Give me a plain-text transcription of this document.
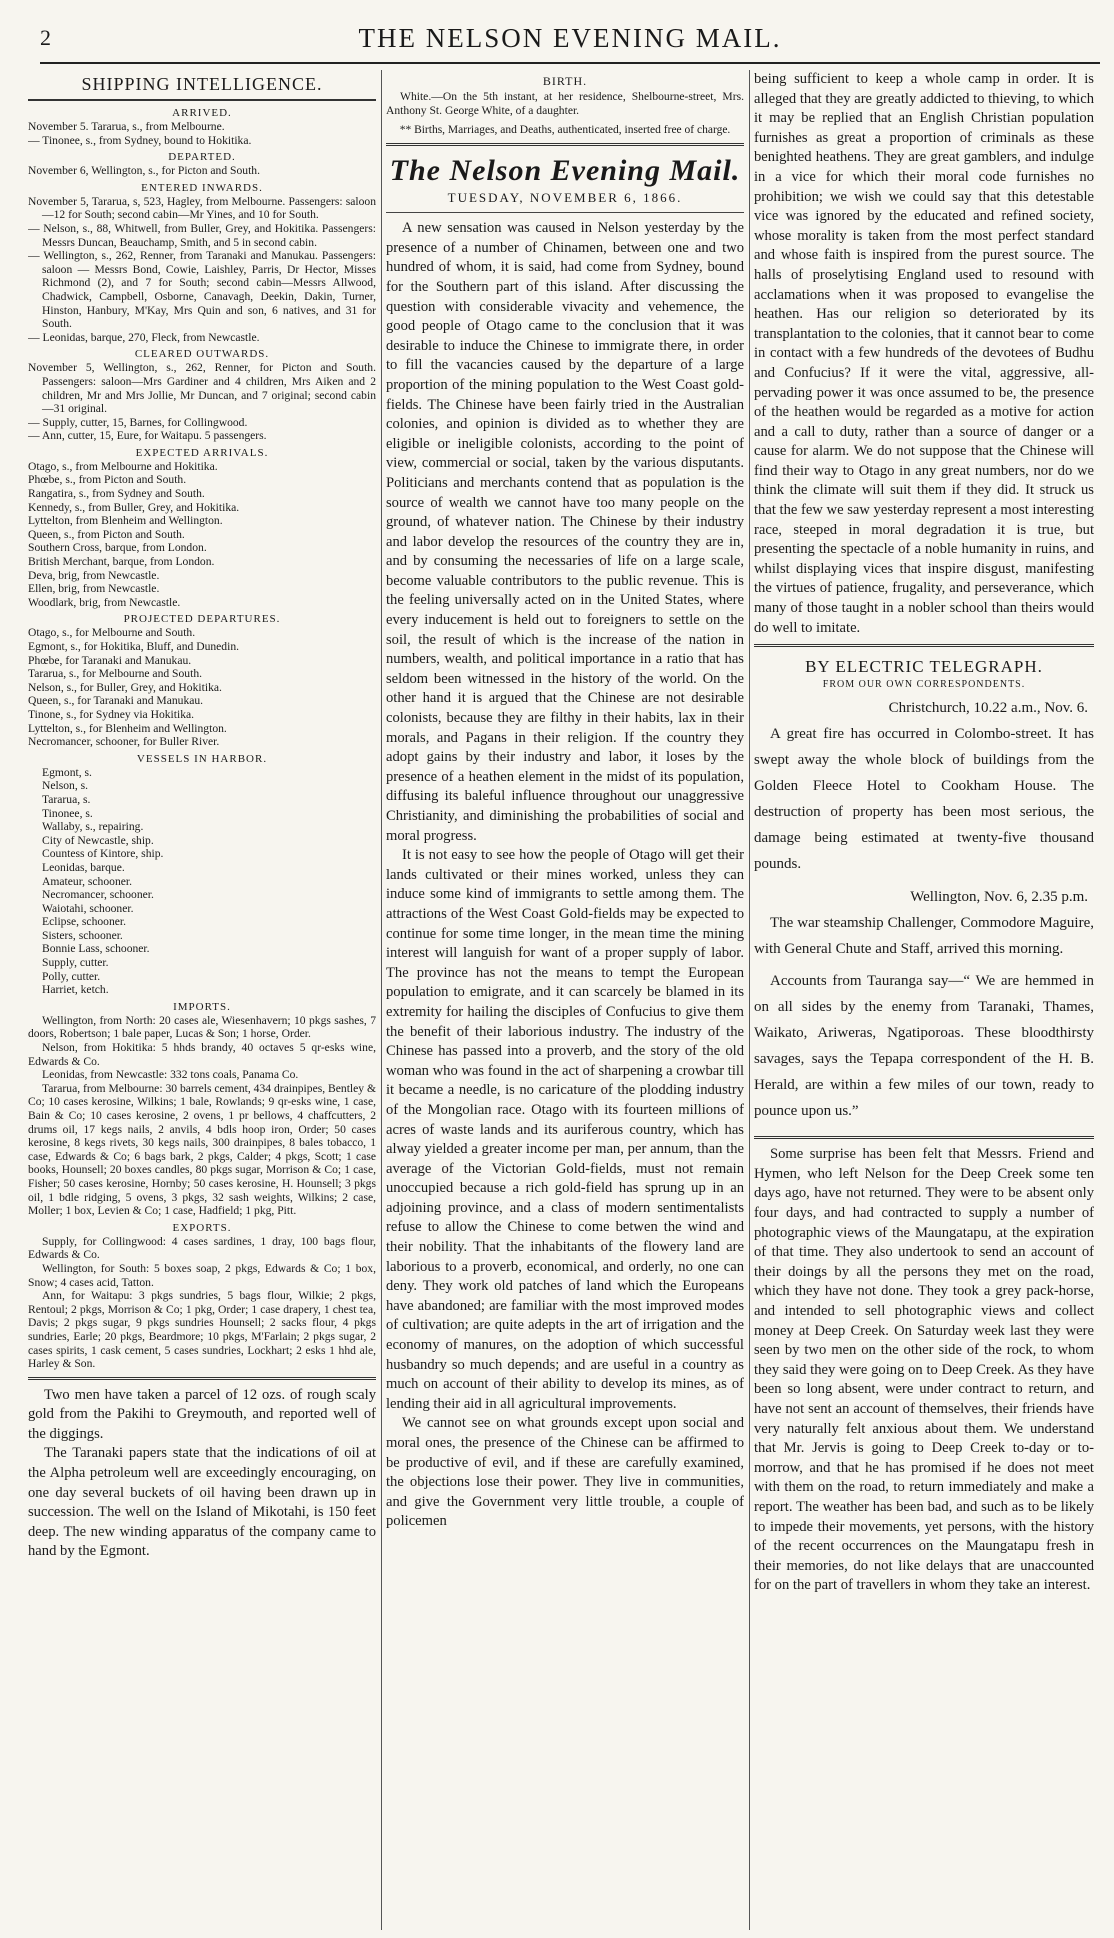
2	THE NELSON EVENING MAIL.
SHIPPING INTELLIGENCE.
ARRIVED.

November 5. Tararua, s., from Melbourne.

— Tinonee, s., from Sydney, bound to Hokitika.

DEPARTED.

November 6, Wellington, s., for Picton and South.

ENTERED INWARDS.

November 5, Tararua, s, 523, Hagley, from Melbourne. Passengers: saloon—12 for South; second cabin—Mr Yines, and 10 for South.

— Nelson, s., 88, Whitwell, from Buller, Grey, and Hokitika. Passengers: Messrs Duncan, Beauchamp, Smith, and 5 in second cabin.

— Wellington, s., 262, Renner, from Taranaki and Manukau. Passengers: saloon — Messrs Bond, Cowie, Laishley, Parris, Dr Hector, Misses Richmond (2), and 7 for South; second cabin—Messrs Allwood, Chadwick, Campbell, Osborne, Canavagh, Deekin, Dakin, Turner, Hinston, Hanbury, M'Kay, Mrs Quin and son, 6 natives, and 31 for South.

— Leonidas, barque, 270, Fleck, from Newcastle.

CLEARED OUTWARDS.

November 5, Wellington, s., 262, Renner, for Picton and South. Passengers: saloon—Mrs Gardiner and 4 children, Mrs Aiken and 2 children, Mr and Mrs Jollie, Mr Duncan, and 7 original; second cabin—31 original.

— Supply, cutter, 15, Barnes, for Collingwood.

— Ann, cutter, 15, Eure, for Waitapu. 5 passengers.

EXPECTED ARRIVALS.

Otago, s., from Melbourne and Hokitika.

Phœbe, s., from Picton and South.

Rangatira, s., from Sydney and South.

Kennedy, s., from Buller, Grey, and Hokitika.

Lyttelton, from Blenheim and Wellington.

Queen, s., from Picton and South.

Southern Cross, barque, from London.

British Merchant, barque, from London.

Deva, brig, from Newcastle.

Ellen, brig, from Newcastle.

Woodlark, brig, from Newcastle.

PROJECTED DEPARTURES.

Otago, s., for Melbourne and South.

Egmont, s., for Hokitika, Bluff, and Dunedin.

Phœbe, for Taranaki and Manukau.

Tararua, s., for Melbourne and South.

Nelson, s., for Buller, Grey, and Hokitika.

Queen, s., for Taranaki and Manukau.

Tinone, s., for Sydney via Hokitika.

Lyttelton, s., for Blenheim and Wellington.

Necromancer, schooner, for Buller River.

VESSELS IN HARBOR.

Egmont, s.

Nelson, s.

Tararua, s.

Tinonee, s.

Wallaby, s., repairing.

City of Newcastle, ship.

Countess of Kintore, ship.

Leonidas, barque.

Amateur, schooner.

Necromancer, schooner.

Waiotahi, schooner.

Eclipse, schooner.

Sisters, schooner.

Bonnie Lass, schooner.

Supply, cutter.

Polly, cutter.

Harriet, ketch.

IMPORTS.

Wellington, from North: 20 cases ale, Wiesenhavern; 10 pkgs sashes, 7 doors, Robertson; 1 bale paper, Lucas & Son; 1 horse, Order.

Nelson, from Hokitika: 5 hhds brandy, 40 octaves 5 qr-esks wine, Edwards & Co.

Leonidas, from Newcastle: 332 tons coals, Panama Co.

Tararua, from Melbourne: 30 barrels cement, 434 drainpipes, Bentley & Co; 10 cases kerosine, Wilkins; 1 bale, Rowlands; 9 qr-esks wine, 1 case, Bain & Co; 10 cases kerosine, 2 ovens, 1 pr bellows, 4 chaffcutters, 2 drums oil, 17 kegs nails, 2 anvils, 4 bdls hoop iron, Order; 50 cases kerosine, 8 kegs rivets, 30 kegs nails, 300 drainpipes, 8 bales tobacco, 1 case, Edwards & Co; 6 bags bark, 2 pkgs, Calder; 4 pkgs, Scott; 1 case books, Hounsell; 20 boxes candles, 80 pkgs sugar, Morrison & Co; 1 case, Fisher; 50 cases kerosine, Hornby; 50 cases kerosine, H. Hounsell; 3 pkgs oil, 1 bdle ridging, 5 ovens, 3 pkgs, 32 sash weights, Wilkins; 2 case, Moller; 1 box, Levien & Co; 1 case, Hadfield; 1 pkg, Pitt.

EXPORTS.

Supply, for Collingwood: 4 cases sardines, 1 dray, 100 bags flour, Edwards & Co.

Wellington, for South: 5 boxes soap, 2 pkgs, Edwards & Co; 1 box, Snow; 4 cases acid, Tatton.

Ann, for Waitapu: 3 pkgs sundries, 5 bags flour, Wilkie; 2 pkgs, Rentoul; 2 pkgs, Morrison & Co; 1 pkg, Order; 1 case drapery, 1 chest tea, Davis; 2 pkgs sugar, 9 pkgs sundries Hounsell; 2 sacks flour, 4 pkgs sundries, Earle; 20 pkgs, Beardmore; 10 pkgs, M'Farlain; 2 pkgs sugar, 2 cases spirits, 1 cask cement, 5 cases sundries, Lockhart; 2 esks 1 hhd ale, Harley & Son.

Two men have taken a parcel of 12 ozs. of rough scaly gold from the Pakihi to Greymouth, and reported well of the diggings.

The Taranaki papers state that the indications of oil at the Alpha petroleum well are exceedingly encouraging, on one day several buckets of oil having been drawn up in succession. The well on the Island of Mikotahi, is 150 feet deep. The new winding apparatus of the company came to hand by the Egmont.

BIRTH.

White.—On the 5th instant, at her residence, Shelbourne-street, Mrs. Anthony St. George White, of a daughter.

** Births, Marriages, and Deaths, authenticated, inserted free of charge.
The Nelson Evening Mail.
TUESDAY, NOVEMBER 6, 1866.

A new sensation was caused in Nelson yesterday by the presence of a number of Chinamen, between one and two hundred of whom, it is said, had come from Sydney, bound for the Southern part of this island. After discussing the question with considerable vivacity and vehemence, the good people of Otago came to the conclusion that it was desirable to induce the Chinese to immigrate there, in order to fill the vacancies caused by the departure of a large proportion of the mining population to the West Coast gold-fields. The Chinese have been fairly tried in the Australian colonies, and opinion is divided as to whether they are eligible or ineligible colonists, according to the point of view, commercial or social, taken by the various disputants. Politicians and merchants contend that as population is the source of wealth we cannot have too many people on the ground, of whatever nation. The Chinese by their industry and labor develop the resources of the country they are in, and by consuming the necessaries of life on a large scale, become valuable contributors to the public revenue. This is the feeling universally acted on in the United States, where every inducement is held out to foreigners to settle on the soil, the result of which is the increase of the nation in numbers, wealth, and political importance in a ratio that has seldom been witnessed in the history of the world. On the other hand it is argued that the Chinese are not desirable colonists, because they are filthy in their habits, lax in their morals, and Pagans in their religion. If the country they adopt gains by their industry and labor, it loses by the presence of a heathen element in the midst of its population, diffusing its baleful influence throughout our unaggressive Christianity, and diminishing the probabilities of social and moral progress.

It is not easy to see how the people of Otago will get their lands cultivated or their mines worked, unless they can induce some kind of immigrants to settle among them. The attractions of the West Coast Gold-fields may be expected to continue for some time longer, in the mean time the mining interest will languish for want of a proper supply of labor. The province has not the means to tempt the European population to emigrate, and it can scarcely be blamed in its extremity for hailing the disciples of Confucius to give them the benefit of their laborious industry. The industry of the Chinese has passed into a proverb, and the story of the old woman who was found in the act of sharpening a crowbar till it became a needle, is no caricature of the plodding industry of the Mongolian race. Otago with its fourteen millions of acres of waste lands and its auriferous country, which has alway yielded a greater income per man, per annum, than the average of the Victorian Gold-fields, must not remain unoccupied because a rich gold-field has sprung up in an adjoining province, and a class of modern sentimentalists refuse to allow the Chinese to come betwen the wind and their nobility. That the inhabitants of the flowery land are laborious to a proverb, economical, and orderly, no one can deny. They work old patches of land which the Europeans have abandoned; are familiar with the most improved modes of cultivation; are quite adepts in the art of irrigation and the economy of manures, on the adoption of which successful husbandry so much depends; and are useful in a country as much on account of their ability to develop its mines, as of lending their aid in all agricultural improvements.

We cannot see on what grounds except upon social and moral ones, the presence of the Chinese can be affirmed to be productive of evil, and if these are carefully examined, the objections lose their power. They live in communities, and give the Government very little trouble, a couple of policemen

being sufficient to keep a whole camp in order. It is alleged that they are greatly addicted to thieving, to which it may be replied that an English Christian population furnishes as great a proportion of criminals as these benighted heathens. They are great gamblers, and indulge in a vice for which their moral code furnishes no prohibition; we wish we could say that this detestable vice was ignored by the educated and refined society, whose morality is taken from the most perfect standard and whose faith is inspired from the purest source. The halls of proselytising England used to resound with acclamations when it was proposed to evangelise the heathen. Has our religion so deteriorated by its transplantation to the colonies, that it cannot bear to come in contact with a few hundreds of the devotees of Budhu and Confucius? If it were the vital, aggressive, all-pervading power it was once assumed to be, the presence of the heathen would be regarded as a motive for action and a call to duty, rather than a source of danger or a cause for alarm. We do not suppose that the Chinese will find their way to Otago in any great numbers, nor do we think the climate will suit them if they did. It struck us that the few we saw yesterday represent a most interesting race, steeped in moral degradation it is true, but presenting the spectacle of a noble humanity in ruins, and whilst displaying vices that inspire disgust, manifesting the virtues of patience, frugality, and perseverance, which many of those taught in a nobler school than theirs would do well to imitate.

BY ELECTRIC TELEGRAPH.
FROM OUR OWN CORRESPONDENTS.
Christchurch, 10.22 a.m., Nov. 6.

A great fire has occurred in Colombo-street. It has swept away the whole block of buildings from the Golden Fleece Hotel to Cookham House. The destruction of property has been most serious, the damage being estimated at twenty-five thousand pounds.

Wellington, Nov. 6, 2.35 p.m.

The war steamship Challenger, Commodore Maguire, with General Chute and Staff, arrived this morning.

Accounts from Tauranga say—“ We are hemmed in on all sides by the enemy from Taranaki, Thames, Waikato, Ariweras, Ngatiporoas. These bloodthirsty savages, says the Tepapa correspondent of the H. B. Herald, are within a few miles of our town, ready to pounce upon us.”

Some surprise has been felt that Messrs. Friend and Hymen, who left Nelson for the Deep Creek some ten days ago, have not returned. They were to be absent only four days, and had contracted to supply a number of photographic views of the Maungatapu, at the expiration of that time. They also undertook to send an account of their doings by all the persons they met on the road, which they have not done. They took a grey pack-horse, and intended to sell photographic views and collect money at Deep Creek. On Saturday week last they were seen by two men on the other side of the rock, to whom they said they were going on to Deep Creek. As they have been so long absent, were under contract to return, and have not sent an account of themselves, their friends have very naturally felt anxious about them. We understand that Mr. Jervis is going to Deep Creek to-day or to-morrow, and that he has promised if he does not meet with them on the road, to return immediately and make a report. The weather has been bad, and such as to be likely to impede their movements, yet persons, with the history of the recent occurrences on the Maungatapu fresh in their memories, do not like delays that are unaccounted for on the part of travellers in whom they take an interest.
